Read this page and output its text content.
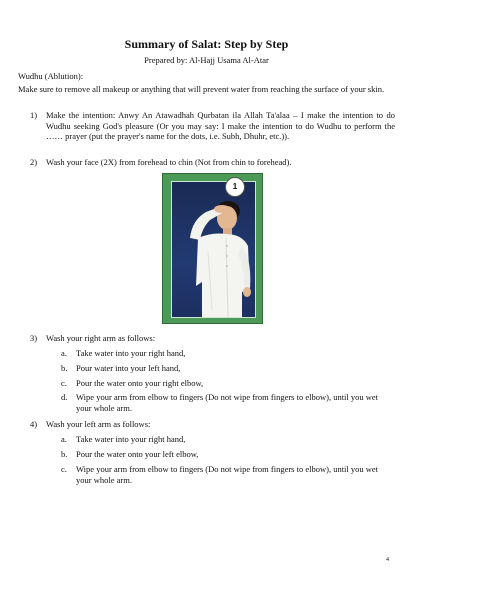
Summary of Salat: Step by Step
Prepared by: Al-Hajj Usama Al-Atar
Wudhu (Ablution):
Make sure to remove all makeup or anything that will prevent water from reaching the surface of your skin.
1) Make the intention: Anwy An Atawadhah Qurbatan ila Allah Ta'alaa – I make the intention to do Wudhu seeking God's pleasure (Or you may say: I make the intention to do Wudhu to perform the …… prayer (put the prayer's name for the dots, i.e. Subh, Dhuhr, etc.)).
2) Wash your face (2X) from forehead to chin (Not from chin to forehead).
1
3) Wash your right arm as follows:
a. Take water into your right hand,
b. Pour water into your left hand,
c. Pour the water onto your right elbow,
d. Wipe your arm from elbow to fingers (Do not wipe from fingers to elbow), until you wet your whole arm.
4) Wash your left arm as follows:
a. Take water into your right hand,
b. Pour the water onto your left elbow,
c. Wipe your arm from elbow to fingers (Do not wipe from fingers to elbow), until you wet your whole arm.
4
